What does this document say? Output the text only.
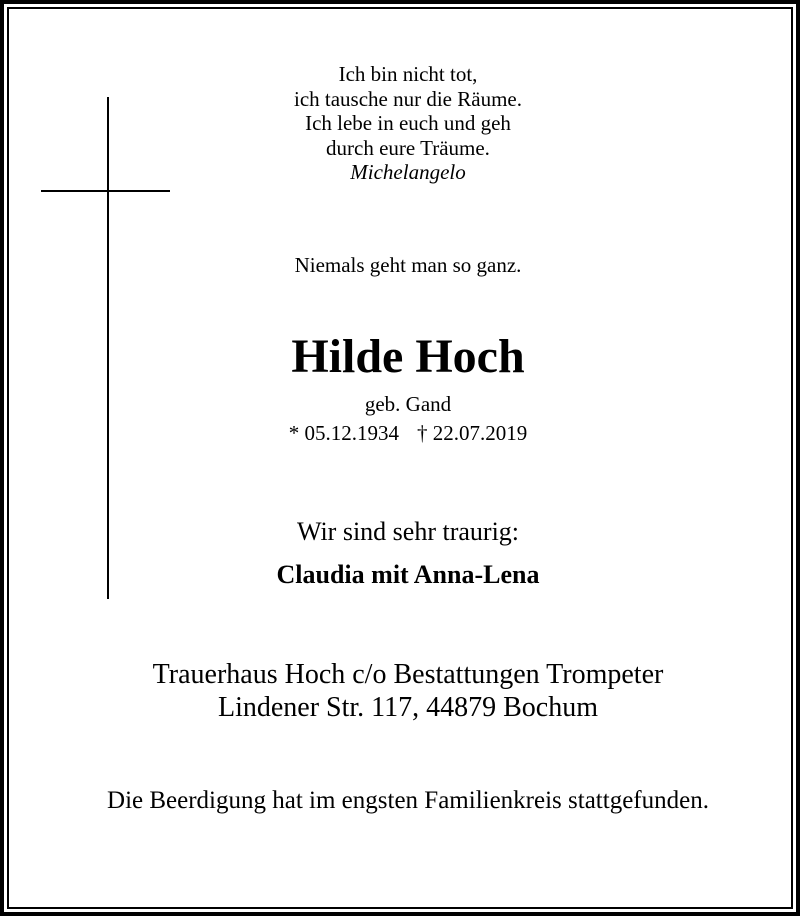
Ich bin nicht tot,
ich tausche nur die Räume.
Ich lebe in euch und geh
durch eure Träume.
Michelangelo
Niemals geht man so ganz.
Hilde Hoch
geb. Gand
* 05.12.1934 † 22.07.2019
Wir sind sehr traurig:
Claudia mit Anna-Lena
Trauerhaus Hoch c/o Bestattungen Trompeter
Lindener Str. 117, 44879 Bochum
Die Beerdigung hat im engsten Familienkreis stattgefunden.
